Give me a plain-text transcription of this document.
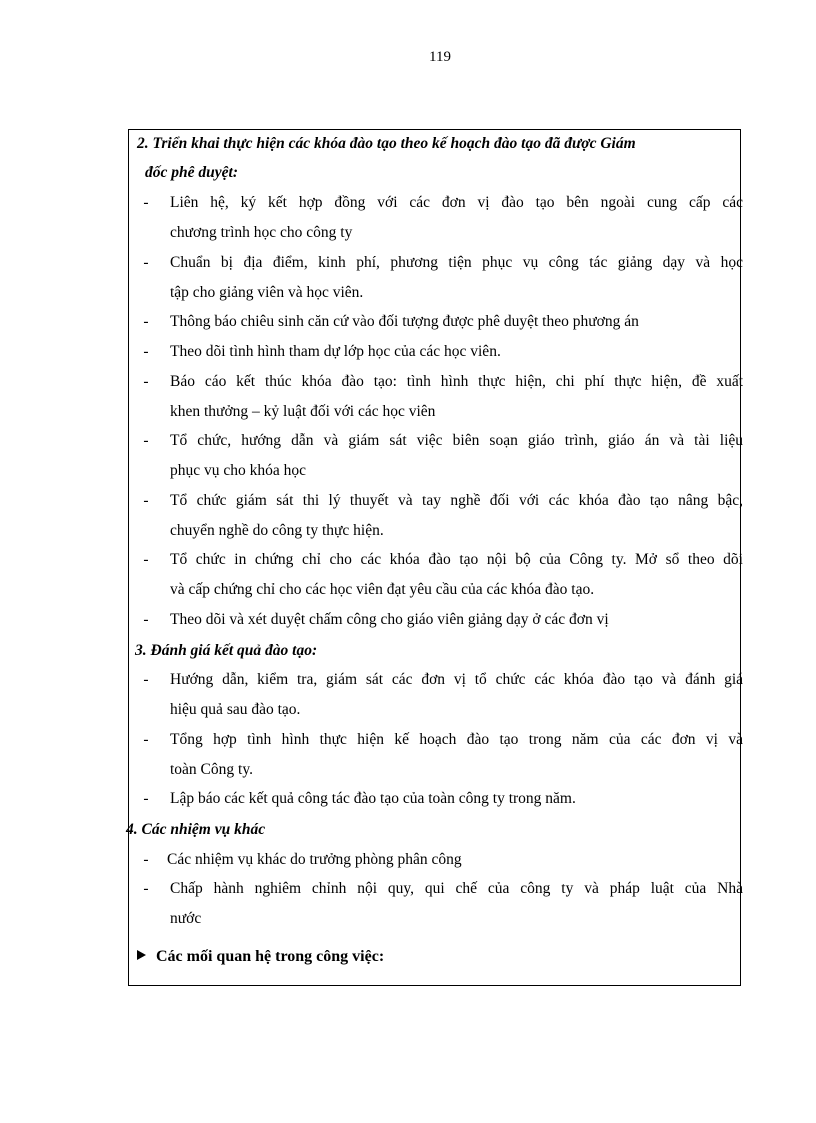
119
2. Triển khai thực hiện các khóa đào tạo theo kế hoạch đào tạo đã được Giám
đốc phê duyệt:
- Liên hệ, ký kết hợp đồng với các đơn vị đào tạo bên ngoài cung cấp các
chương trình học cho công ty
- Chuẩn bị địa điểm, kinh phí, phương tiện phục vụ công tác giảng dạy và học
tập cho giảng viên và học viên.
- Thông báo chiêu sinh căn cứ vào đối tượng được phê duyệt theo phương án
- Theo dõi tình hình tham dự lớp học của các học viên.
- Báo cáo kết thúc khóa đào tạo: tình hình thực hiện, chi phí thực hiện, đề xuất
khen thưởng – kỷ luật đối với các học viên
- Tổ chức, hướng dẫn và giám sát việc biên soạn giáo trình, giáo án và tài liệu
phục vụ cho khóa học
- Tổ chức giám sát thi lý thuyết và tay nghề đối với các khóa đào tạo nâng bậc,
chuyển nghề do công ty thực hiện.
- Tổ chức in chứng chỉ cho các khóa đào tạo nội bộ của Công ty. Mở sổ theo dõi
và cấp chứng chỉ cho các học viên đạt yêu cầu của các khóa đào tạo.
- Theo dõi và xét duyệt chấm công cho giáo viên giảng dạy ở các đơn vị
3. Đánh giá kết quả đào tạo:
- Hướng dẫn, kiểm tra, giám sát các đơn vị tổ chức các khóa đào tạo và đánh giá
hiệu quả sau đào tạo.
- Tổng hợp tình hình thực hiện kế hoạch đào tạo trong năm của các đơn vị và
toàn Công ty.
- Lập báo các kết quả công tác đào tạo của toàn công ty trong năm.
4. Các nhiệm vụ khác
- Các nhiệm vụ khác do trưởng phòng phân công
- Chấp hành nghiêm chỉnh nội quy, qui chế của công ty và pháp luật của Nhà
nước
Các mối quan hệ trong công việc:
